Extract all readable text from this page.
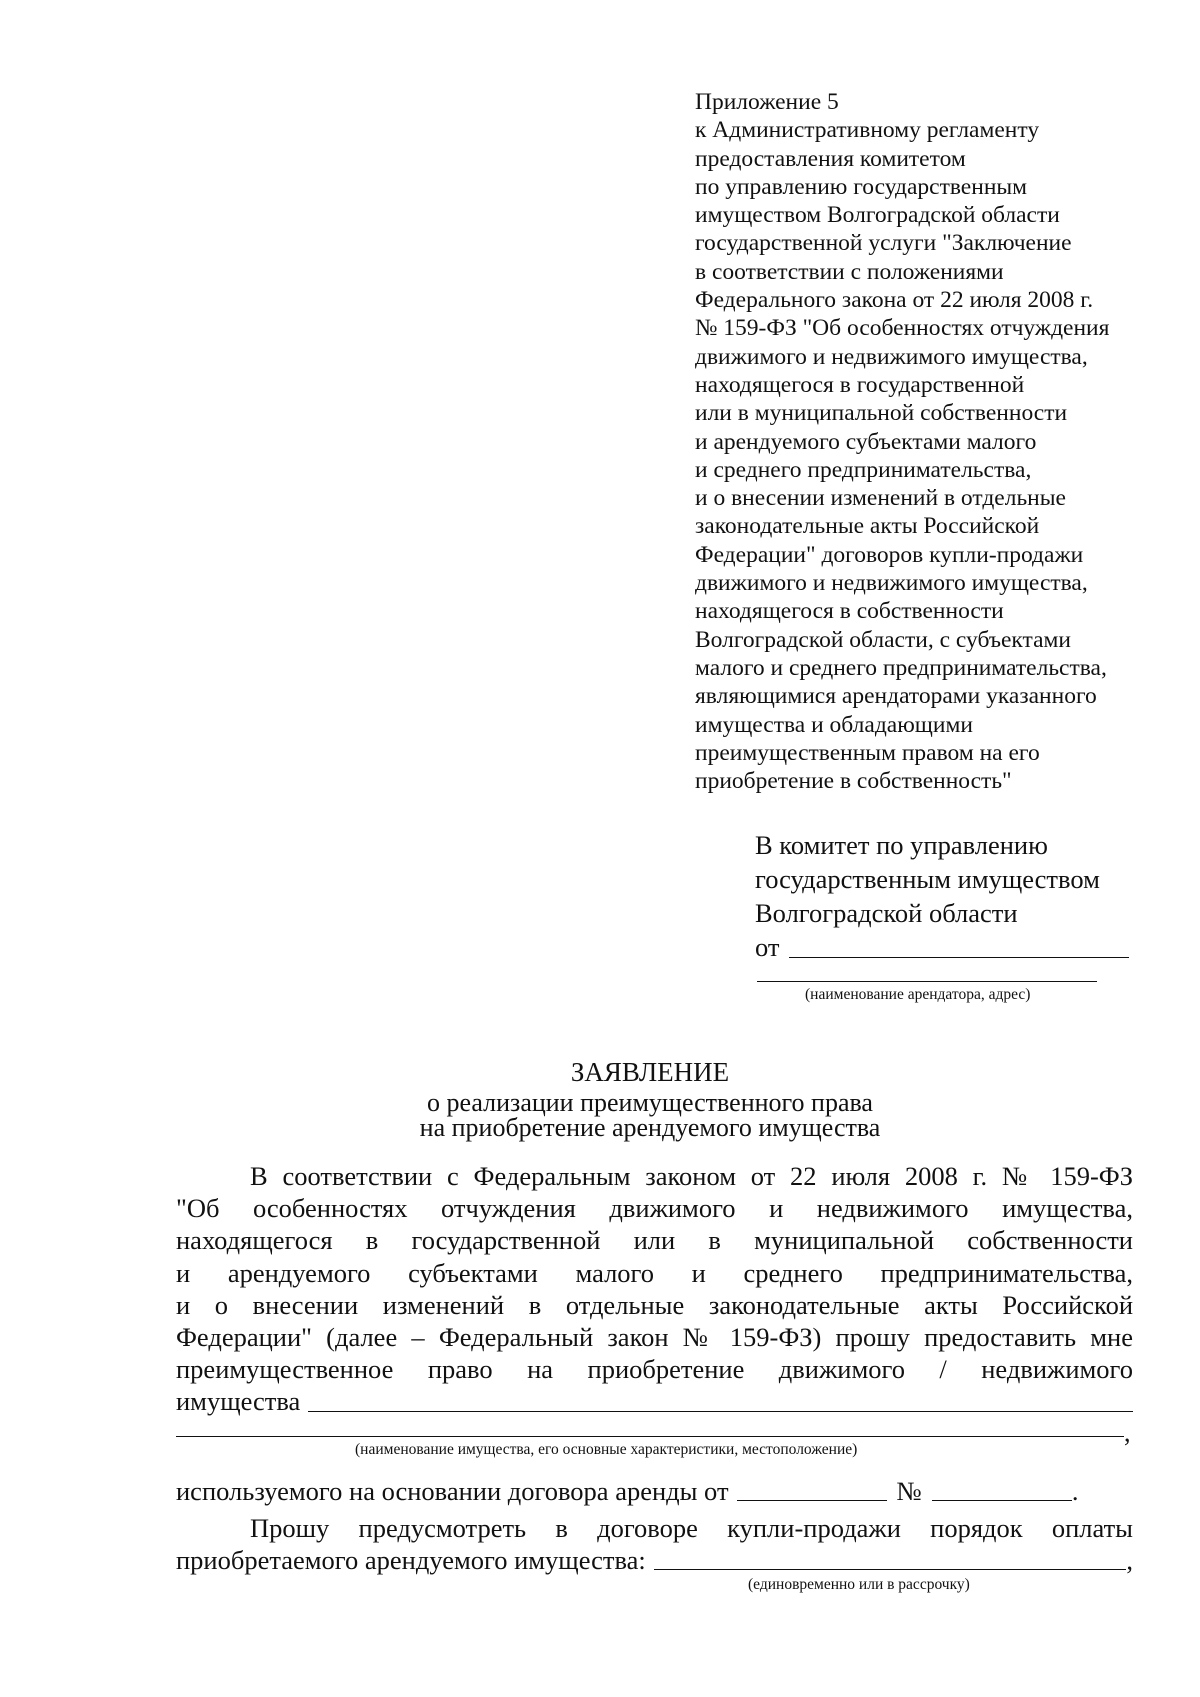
Приложение 5
к Административному регламенту
предоставления комитетом
по управлению государственным
имуществом Волгоградской области
государственной услуги "Заключение
в соответствии с положениями
Федерального закона от 22 июля 2008 г.
№ 159-ФЗ "Об особенностях отчуждения
движимого и недвижимого имущества,
находящегося в государственной
или в муниципальной собственности
и арендуемого субъектами малого
и среднего предпринимательства,
и о внесении изменений в отдельные
законодательные акты Российской
Федерации" договоров купли-продажи
движимого и недвижимого имущества,
находящегося в собственности
Волгоградской области, с субъектами
малого и среднего предпринимательства,
являющимися арендаторами указанного
имущества и обладающими
преимущественным правом на его
приобретение в собственность"
В комитет по управлению
государственным имуществом
Волгоградской области
от
(наименование арендатора, адрес)
ЗАЯВЛЕНИЕ
о реализации преимущественного права
на приобретение арендуемого имущества
В соответствии с Федеральным законом от 22 июля 2008 г. № 159-ФЗ
"Об особенностях отчуждения движимого и недвижимого имущества,
находящегося в государственной или в муниципальной собственности
и арендуемого субъектами малого и среднего предпринимательства,
и о внесении изменений в отдельные законодательные акты Российской
Федерации" (далее – Федеральный закон № 159-ФЗ) прошу предоставить мне
преимущественное право на приобретение движимого / недвижимого
имущества
,
(наименование имущества, его основные характеристики, местоположение)
используемого на основании договора аренды от	№	.
Прошу предусмотреть в договоре купли-продажи порядок оплаты
приобретаемого арендуемого имущества:	,
(единовременно или в рассрочку)
